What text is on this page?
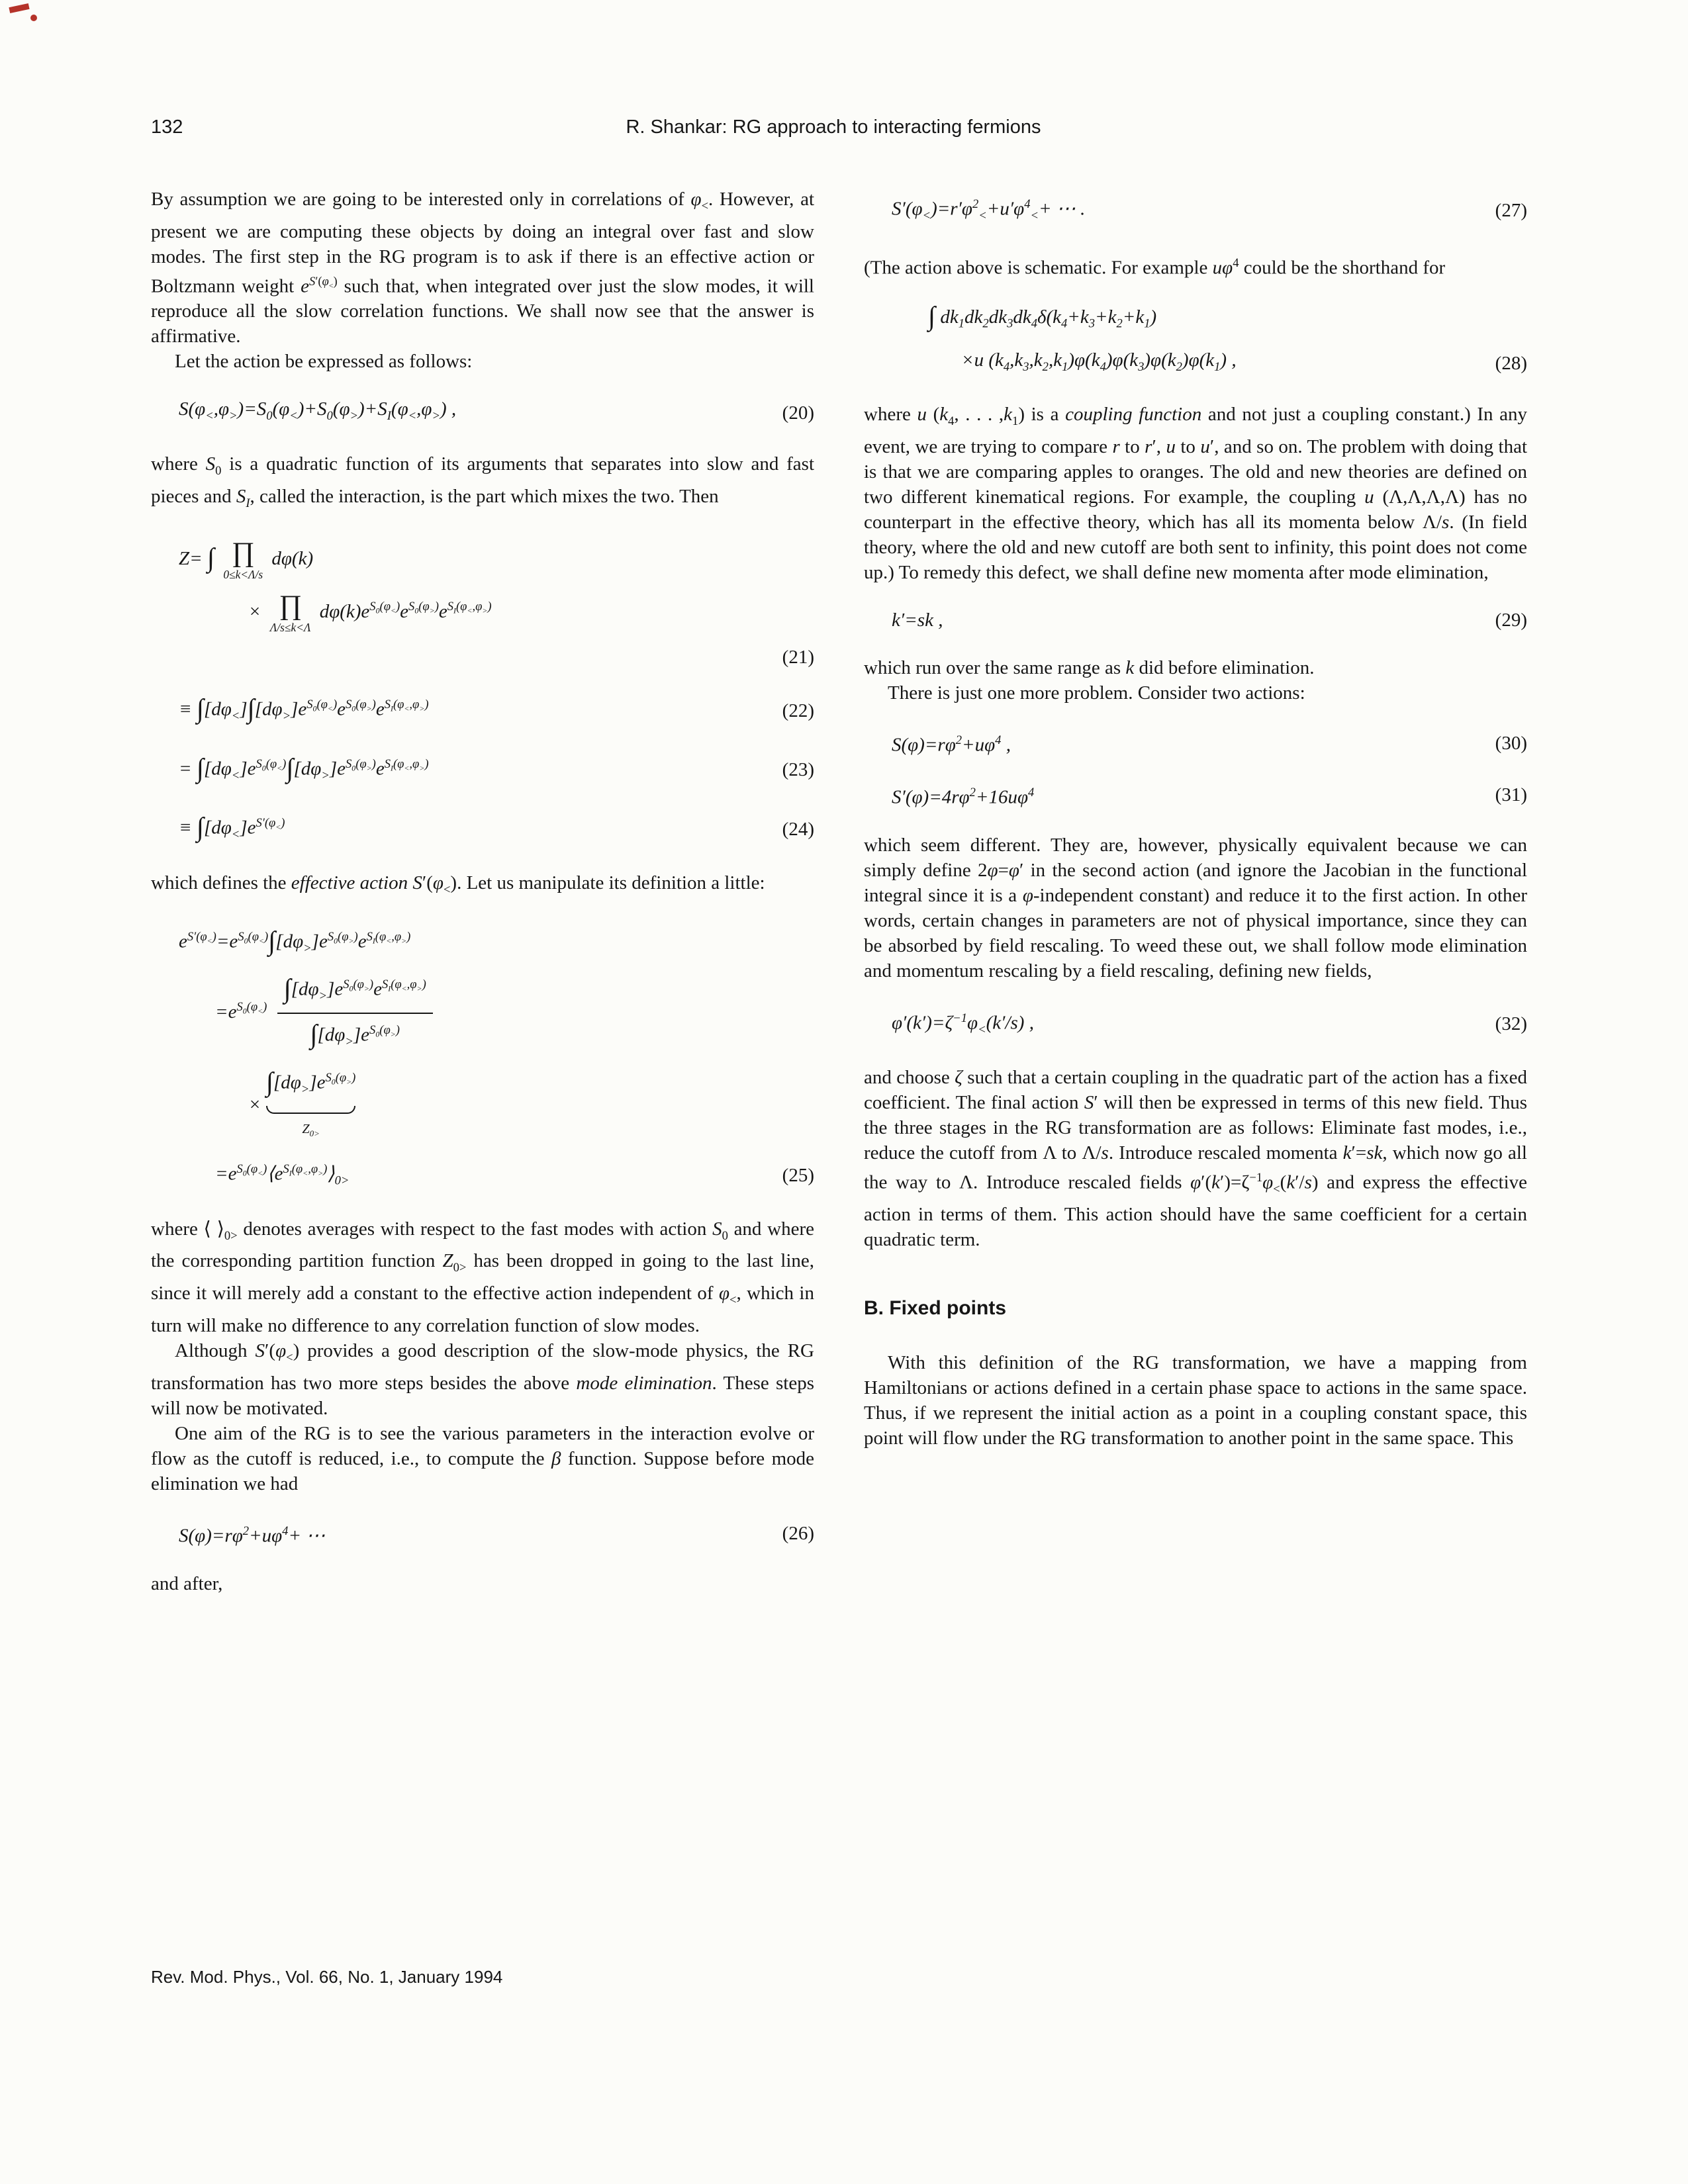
132	R. Shankar: RG approach to interacting fermions

By assumption we are going to be interested only in correlations of $\varphi_<$. However, at present we are computing these objects by doing an integral over fast and slow modes. The first step in the RG program is to ask if there is an effective action or Boltzmann weight $e^{S'(\varphi_<)}$ such that, when integrated over just the slow modes, it will reproduce all the slow correlation functions. We shall now see that the answer is affirmative.

Let the action be expressed as follows:

$S(\varphi_<,\varphi_>)=S_0(\varphi_<)+S_0(\varphi_>)+S_I(\varphi_<,\varphi_>)$ ,	(20)

where $S_0$ is a quadratic function of its arguments that separates into slow and fast pieces and $S_I$, called the interaction, is the part which mixes the two. Then

Z= ∫ ∏
0≤k<Λ/s
dφ(k)
× ∏
Λ/s≤k<Λ
$d\varphi(k)e^{S_0(\varphi_<)}e^{S_0(\varphi_>)}e^{S_I(\varphi_<,\varphi_>)}$
(21)
≡ $\int[d\varphi_<]\int[d\varphi_>]e^{S_0(\varphi_<)}e^{S_0(\varphi_>)}e^{S_I(\varphi_<,\varphi_>)}$	(22)
= $\int[d\varphi_<]e^{S_0(\varphi_<)}\int[d\varphi_>]e^{S_0(\varphi_>)}e^{S_I(\varphi_<,\varphi_>)}$	(23)
≡ $\int[d\varphi_<]e^{S'(\varphi_<)}$	(24)

which defines the effective action $S'(\varphi_<)$. Let us manipulate its definition a little:

$e^{S'(\varphi_<)}=e^{S_0(\varphi_<)}\int[d\varphi_>]e^{S_0(\varphi_>)}e^{S_I(\varphi_<,\varphi_>)}$
$=e^{S_0(\varphi_<)} \frac{\int[d\varphi_>]e^{S_0(\varphi_>)}e^{S_I(\varphi_<,\varphi_>)}}{\int[d\varphi_>]e^{S_0(\varphi_>)}}$
×
$\int[d\varphi_>]e^{S_0(\varphi_>)}$
$Z_{0>}$
$=e^{S_0(\varphi_<)}⟨e^{S_I(\varphi_<,\varphi_>)}⟩_{0>}$	(25)

where ⟨ $⟩_{0>}$ denotes averages with respect to the fast modes with action $S_0$ and where the corresponding partition function $Z_{0>}$ has been dropped in going to the last line, since it will merely add a constant to the effective action independent of $\varphi_<$, which in turn will make no difference to any correlation function of slow modes.

Although $S'(\varphi_<)$ provides a good description of the slow-mode physics, the RG transformation has two more steps besides the above mode elimination. These steps will now be motivated.

One aim of the RG is to see the various parameters in the interaction evolve or flow as the cutoff is reduced, i.e., to compute the β function. Suppose before mode elimination we had

$S(\varphi)=r\varphi^2+u\varphi^4+$ ⋯	(26)

and after,

$S'(\varphi_<)=r'\varphi^2_<+u'\varphi^4_<+$ ⋯ .	(27)

(The action above is schematic. For example $u\varphi^4$ could be the shorthand for

∫ $dk_1dk_2dk_3dk_4\delta(k_4+k_3+k_2+k_1)$
×u $(k_4,k_3,k_2,k_1)\varphi(k_4)\varphi(k_3)\varphi(k_2)\varphi(k_1)$ ,	(28)

where u ($k_4$, . . . $,k_1$) is a coupling function and not just a coupling constant.) In any event, we are trying to compare r to r′, u to u′, and so on. The problem with doing that is that we are comparing apples to oranges. The old and new theories are defined on two different kinematical regions. For example, the coupling u (Λ,Λ,Λ,Λ) has no counterpart in the effective theory, which has all its momenta below Λ/s. (In field theory, where the old and new cutoff are both sent to infinity, this point does not come up.) To remedy this defect, we shall define new momenta after mode elimination,

k′=sk ,	(29)

which run over the same range as k did before elimination.

There is just one more problem. Consider two actions:

$S(\varphi)=r\varphi^2+u\varphi^4$ ,	(30)
$S'(\varphi)=4r\varphi^2+16u\varphi^4$	(31)

which seem different. They are, however, physically equivalent because we can simply define 2φ=φ′ in the second action (and ignore the Jacobian in the functional integral since it is a φ-independent constant) and reduce it to the first action. In other words, certain changes in parameters are not of physical importance, since they can be absorbed by field rescaling. To weed these out, we shall follow mode elimination and momentum rescaling by a field rescaling, defining new fields,

$\varphi'(k')=\zeta^{-1}\varphi_<(k'/s)$ ,	(32)

and choose ζ such that a certain coupling in the quadratic part of the action has a fixed coefficient. The final action S′ will then be expressed in terms of this new field. Thus the three stages in the RG transformation are as follows: Eliminate fast modes, i.e., reduce the cutoff from Λ to Λ/s. Introduce rescaled momenta k′=sk, which now go all the way to Λ. Introduce rescaled fields $\varphi'(k')=\zeta^{-1}\varphi_<(k'/s)$ and express the effective action in terms of them. This action should have the same coefficient for a certain quadratic term.

B. Fixed points

With this definition of the RG transformation, we have a mapping from Hamiltonians or actions defined in a certain phase space to actions in the same space. Thus, if we represent the initial action as a point in a coupling constant space, this point will flow under the RG transformation to another point in the same space. This

Rev. Mod. Phys., Vol. 66, No. 1, January 1994
